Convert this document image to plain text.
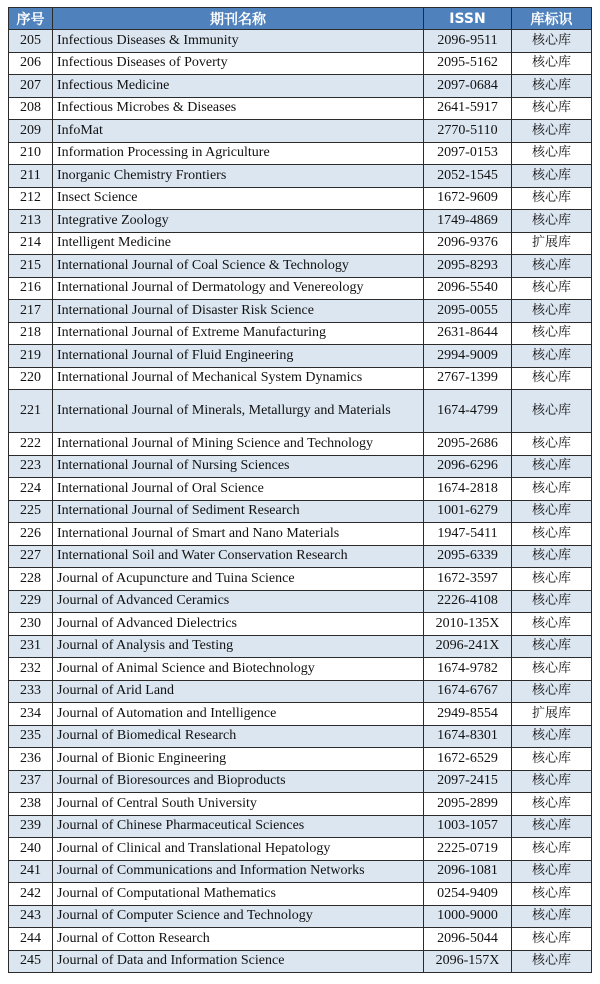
序号	期刊名称	ISSN	库标识
205	Infectious Diseases & Immunity	2096-9511	核心库
206	Infectious Diseases of Poverty	2095-5162	核心库
207	Infectious Medicine	2097-0684	核心库
208	Infectious Microbes & Diseases	2641-5917	核心库
209	InfoMat	2770-5110	核心库
210	Information Processing in Agriculture	2097-0153	核心库
211	Inorganic Chemistry Frontiers	2052-1545	核心库
212	Insect Science	1672-9609	核心库
213	Integrative Zoology	1749-4869	核心库
214	Intelligent Medicine	2096-9376	扩展库
215	International Journal of Coal Science & Technology	2095-8293	核心库
216	International Journal of Dermatology and Venereology	2096-5540	核心库
217	International Journal of Disaster Risk Science	2095-0055	核心库
218	International Journal of Extreme Manufacturing	2631-8644	核心库
219	International Journal of Fluid Engineering	2994-9009	核心库
220	International Journal of Mechanical System Dynamics	2767-1399	核心库
221	International Journal of Minerals, Metallurgy and Materials	1674-4799	核心库
222	International Journal of Mining Science and Technology	2095-2686	核心库
223	International Journal of Nursing Sciences	2096-6296	核心库
224	International Journal of Oral Science	1674-2818	核心库
225	International Journal of Sediment Research	1001-6279	核心库
226	International Journal of Smart and Nano Materials	1947-5411	核心库
227	International Soil and Water Conservation Research	2095-6339	核心库
228	Journal of Acupuncture and Tuina Science	1672-3597	核心库
229	Journal of Advanced Ceramics	2226-4108	核心库
230	Journal of Advanced Dielectrics	2010-135X	核心库
231	Journal of Analysis and Testing	2096-241X	核心库
232	Journal of Animal Science and Biotechnology	1674-9782	核心库
233	Journal of Arid Land	1674-6767	核心库
234	Journal of Automation and Intelligence	2949-8554	扩展库
235	Journal of Biomedical Research	1674-8301	核心库
236	Journal of Bionic Engineering	1672-6529	核心库
237	Journal of Bioresources and Bioproducts	2097-2415	核心库
238	Journal of Central South University	2095-2899	核心库
239	Journal of Chinese Pharmaceutical Sciences	1003-1057	核心库
240	Journal of Clinical and Translational Hepatology	2225-0719	核心库
241	Journal of Communications and Information Networks	2096-1081	核心库
242	Journal of Computational Mathematics	0254-9409	核心库
243	Journal of Computer Science and Technology	1000-9000	核心库
244	Journal of Cotton Research	2096-5044	核心库
245	Journal of Data and Information Science	2096-157X	核心库
